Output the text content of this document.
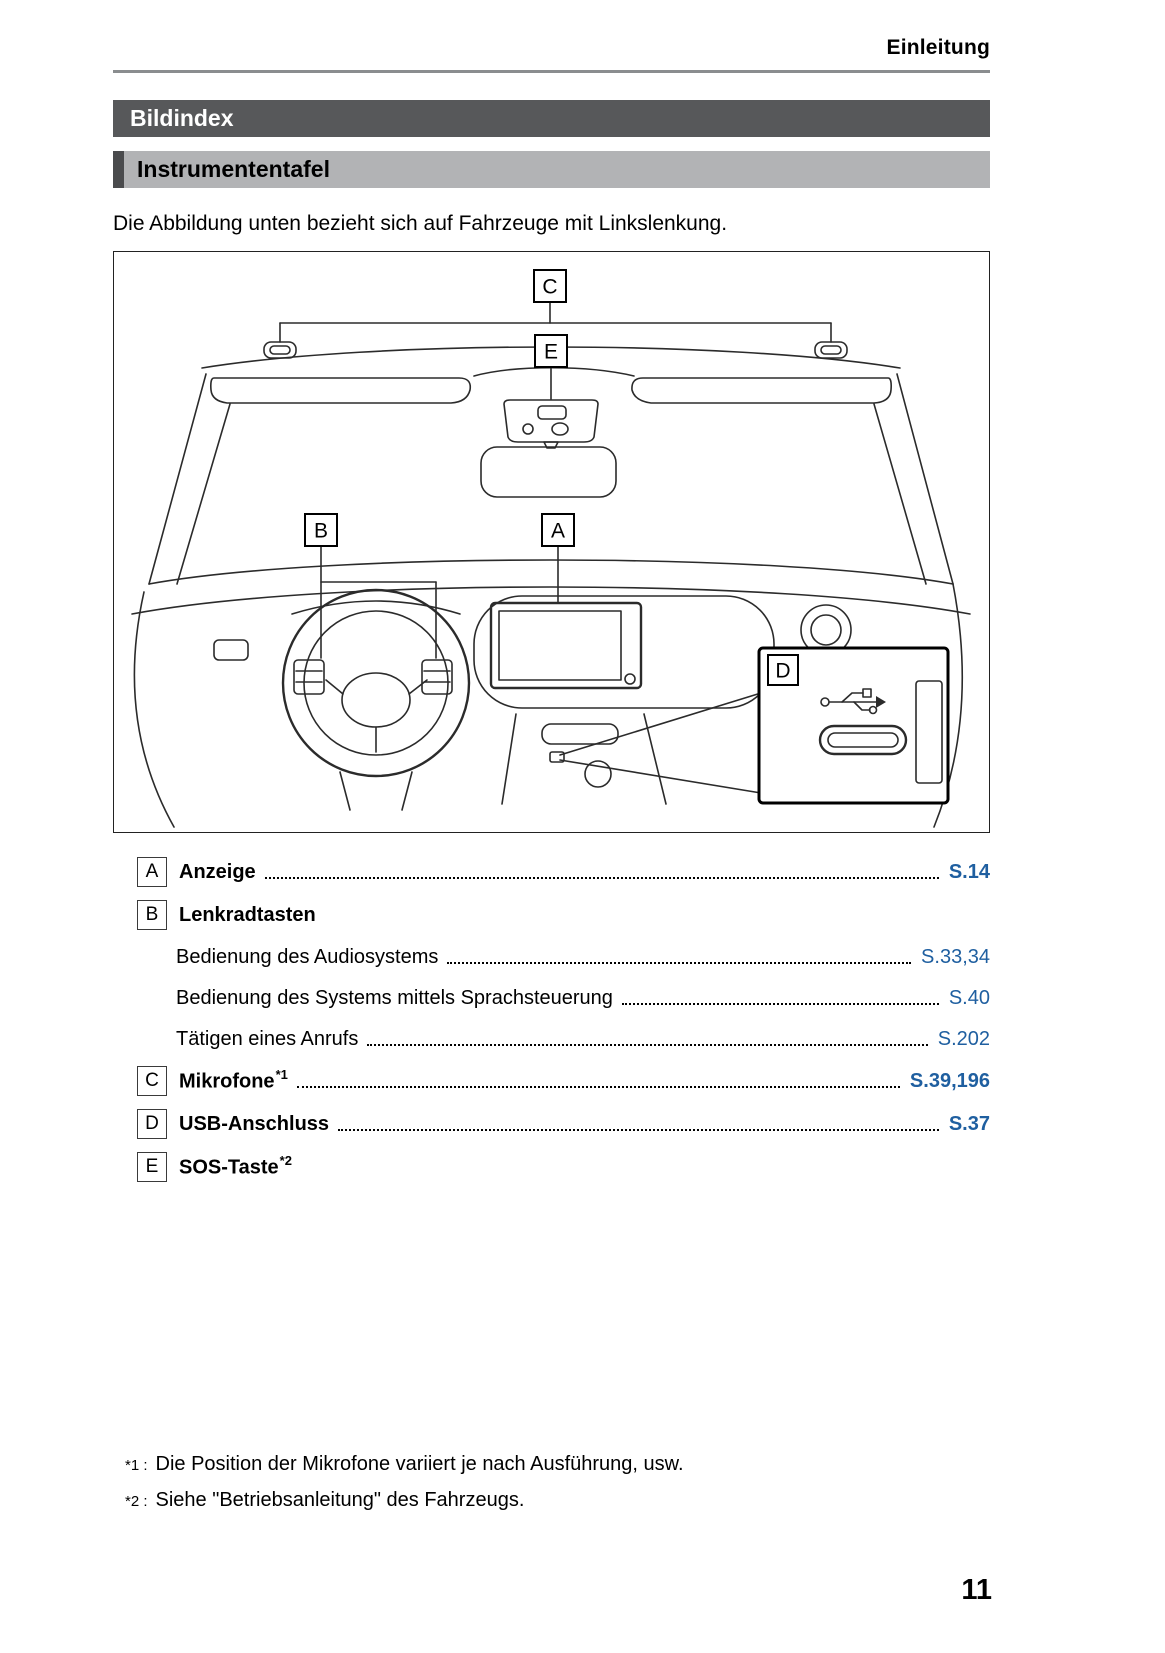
Einleitung
Bildindex
Instrumententafel

Die Abbildung unten bezieht sich auf Fahrzeuge mit Linkslenkung.

C
E
B	A
D
A	Anzeige	S.14
B	Lenkradtasten
Bedienung des Audiosystems	S.33,34
Bedienung des Systems mittels Sprachsteuerung	S.40
Tätigen eines Anrufs	S.202
C	Mikrofone$^{*1}$	S.39,196
D	USB-Anschluss	S.37
E	SOS-Taste$^{*2}$
*1 : Die Position der Mikrofone variiert je nach Ausführung, usw.
*2 : Siehe "Betriebsanleitung" des Fahrzeugs.
11
